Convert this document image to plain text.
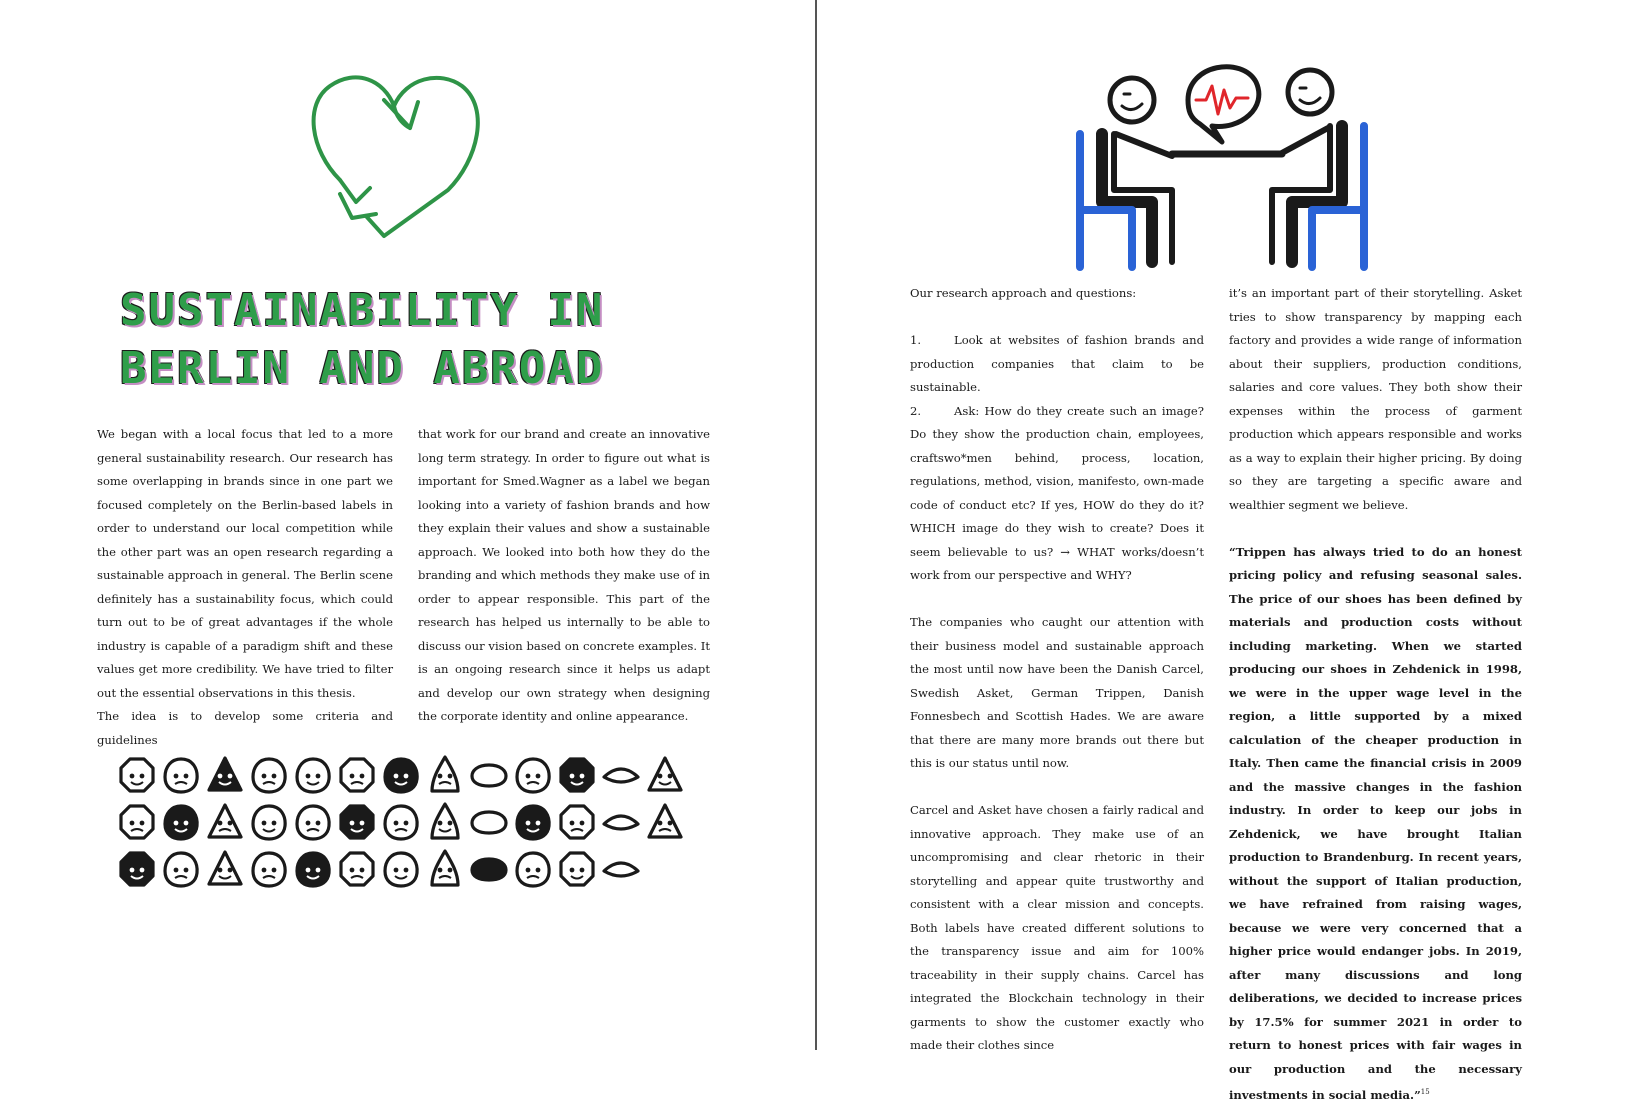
SUSTAINABILITY IN
BERLIN AND ABROAD

We began with a local focus that led to a more general sustainability research. Our research has some overlapping in brands since in one part we focused completely on the Berlin-based labels in order to understand our local competition while the other part was an open research regarding a sustainable approach in general. The Berlin scene definitely has a sustainability focus, which could turn out to be of great advantages if the whole industry is capable of a paradigm shift and these values get more credibility. We have tried to filter out the essential observations in this thesis.

The idea is to develop some criteria and guidelines

that work for our brand and create an innovative long term strategy. In order to figure out what is important for Smed.Wagner as a label we began looking into a variety of fashion brands and how they explain their values and show a sustainable approach. We looked into both how they do the branding and which methods they make use of in order to appear responsible. This part of the research has helped us internally to be able to discuss our vision based on concrete examples. It is an ongoing research since it helps us adapt and develop our own strategy when designing the corporate identity and online appearance.

Our research approach and questions:

1.	Look at websites of fashion brands and production companies that claim to be sustainable.

2.	Ask: How do they create such an image? Do they show the production chain, employees, craftswo*men behind, process, location, regulations, method, vision, manifesto, own-made code of conduct etc? If yes, HOW do they do it? WHICH image do they wish to create? Does it seem believable to us? → WHAT works/doesn’t work from our perspective and WHY?

The companies who caught our attention with their business model and sustainable approach the most until now have been the Danish Carcel, Swedish Asket, German Trippen, Danish Fonnesbech and Scottish Hades. We are aware that there are many more brands out there but this is our status until now.

Carcel and Asket have chosen a fairly radical and innovative approach. They make use of an uncompromising and clear rhetoric in their storytelling and appear quite trustworthy and consistent with a clear mission and concepts. Both labels have created different solutions to the transparency issue and aim for 100% traceability in their supply chains. Carcel has integrated the Blockchain technology in their garments to show the customer exactly who made their clothes since

it’s an important part of their storytelling. Asket tries to show transparency by mapping each factory and provides a wide range of information about their suppliers, production conditions, salaries and core values. They both show their expenses within the process of garment production which appears responsible and works as a way to explain their higher pricing. By doing so they are targeting a specific aware and wealthier segment we believe.

“Trippen has always tried to do an honest pricing policy and refusing seasonal sales. The price of our shoes has been defined by materials and production costs without including marketing. When we started producing our shoes in Zehdenick in 1998, we were in the upper wage level in the region, a little supported by a mixed calculation of the cheaper production in Italy. Then came the financial crisis in 2009 and the massive changes in the fashion industry. In order to keep our jobs in Zehdenick, we have brought Italian production to Brandenburg. In recent years, without the support of Italian production, we have refrained from raising wages, because we were very concerned that a higher price would endanger jobs. In 2019, after many discussions and long deliberations, we decided to increase prices by 17.5% for summer 2021 in order to return to honest prices with fair wages in our production and the necessary investments in social media.”$^{15}$
